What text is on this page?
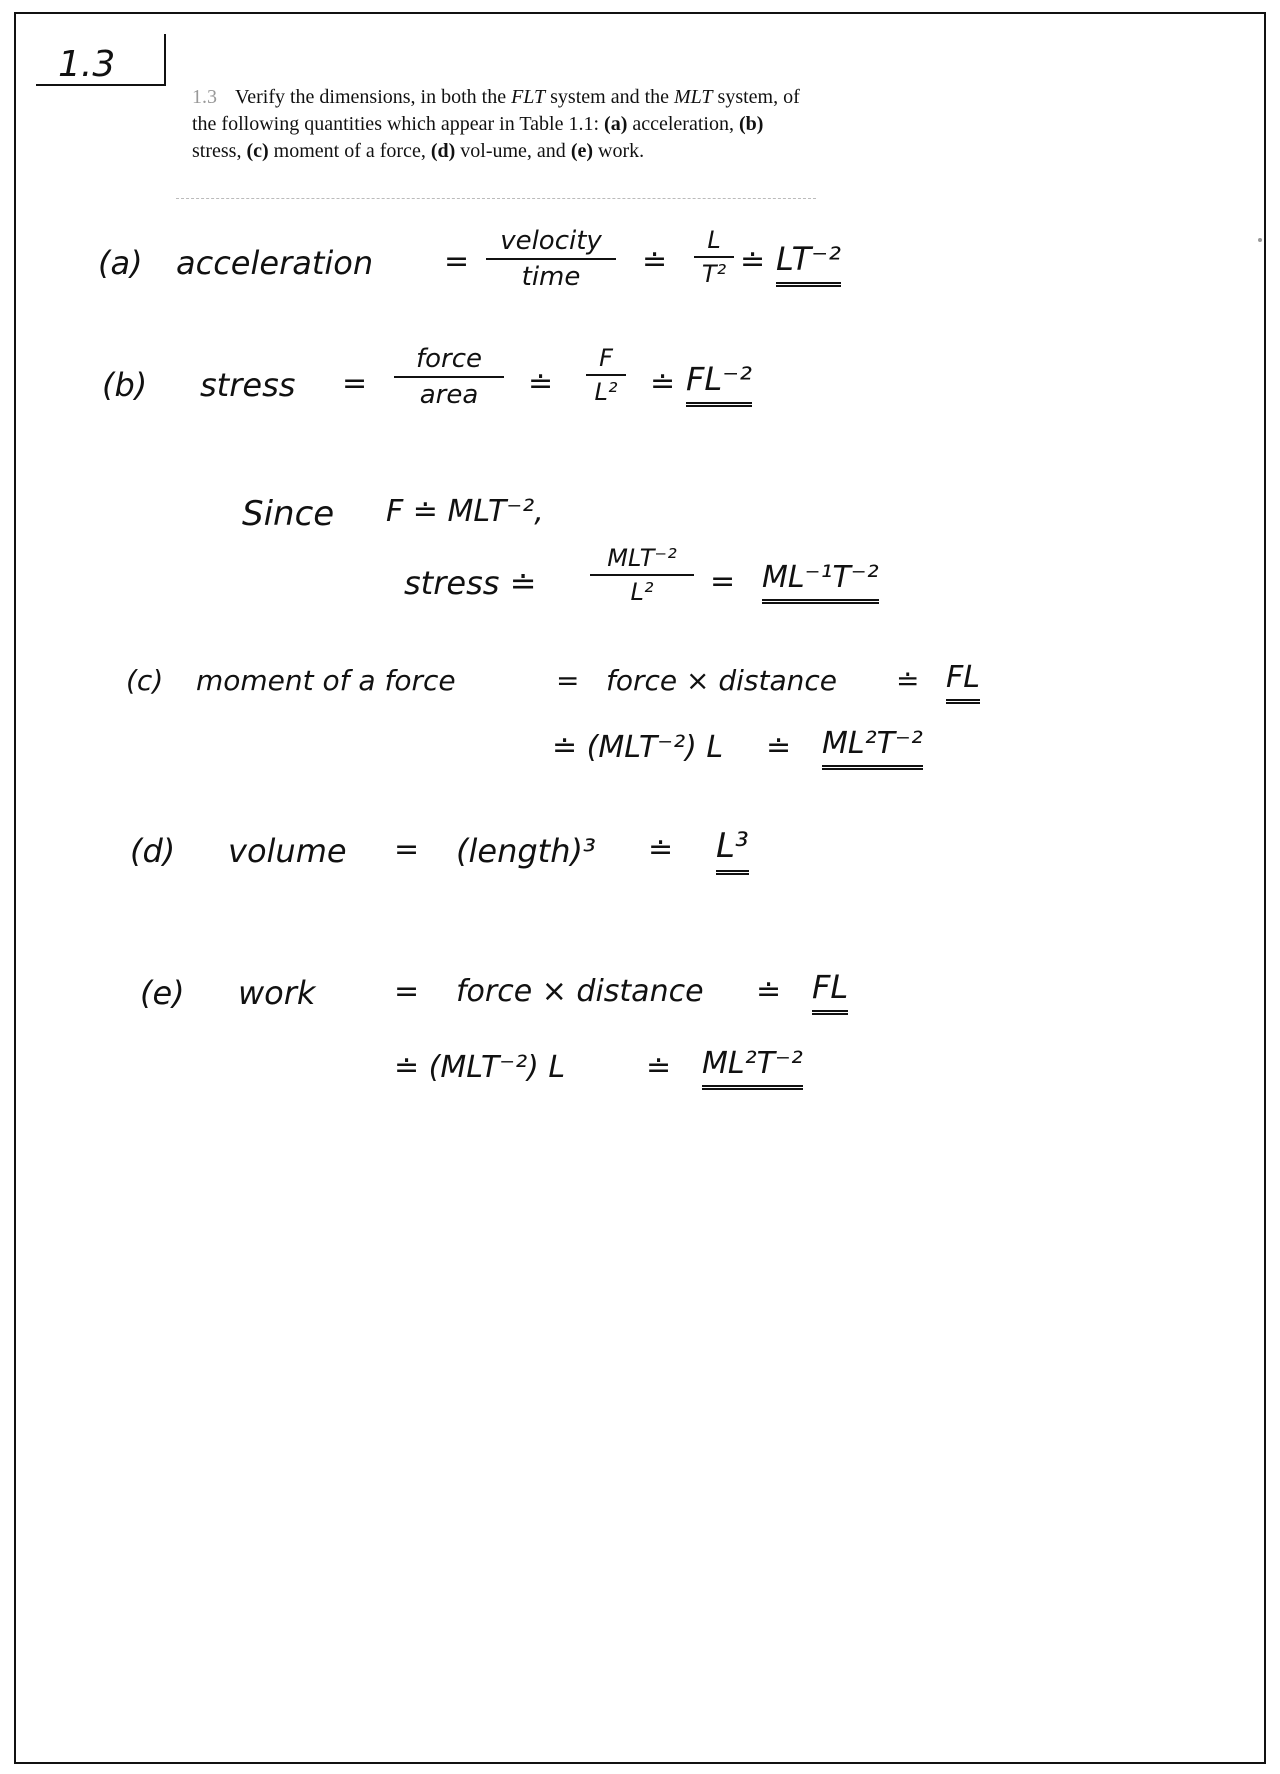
1.3
1.3 Verify the dimensions, in both the FLT system and the MLT system, of the following quantities which appear in Table 1.1: (a) acceleration, (b) stress, (c) moment of a force, (d) vol-ume, and (e) work.
(a) acceleration =
velocity
time	≐
L
T² ≐ LT⁻²
(b) stress =
force
area	≐
F
L² ≐ FL⁻²
Since F ≐ MLT⁻²,
stress ≐
MLT⁻²
L²	= ML⁻¹T⁻²
(c) moment of a force	= force × distance ≐ FL
≐ (MLT⁻²) L ≐ ML²T⁻²
(d) volume = (length)³ ≐ L³
(e) work	= force × distance ≐ FL
≐ (MLT⁻²) L	≐ ML²T⁻²
